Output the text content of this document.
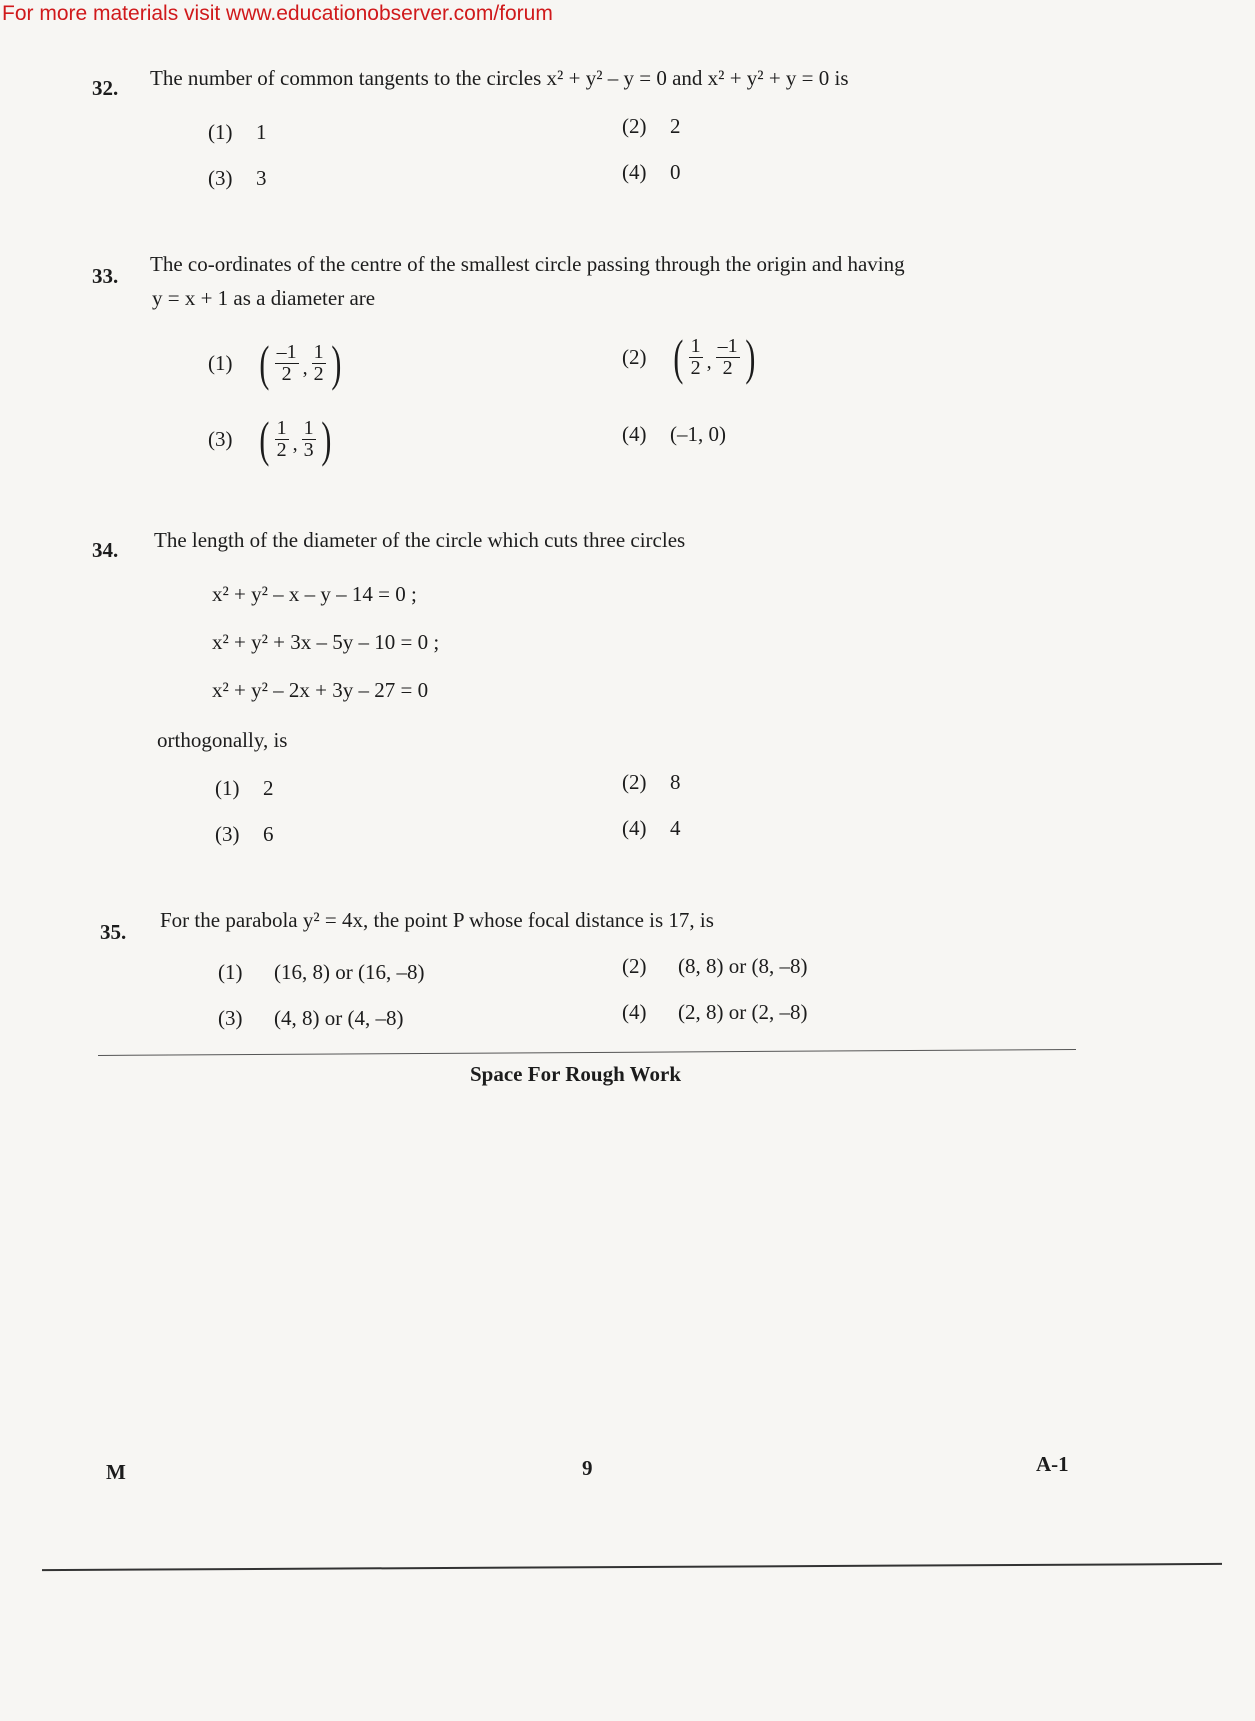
For more materials visit www.educationobserver.com/forum
32. The number of common tangents to the circles x² + y² – y = 0 and x² + y² + y = 0 is
(1) 1	(2) 2
(3) 3	(4) 0
33. The co-ordinates of the centre of the smallest circle passing through the origin and having
y = x + 1 as a diameter are
(1) ( $\frac{-1}{2}$ , $\frac{1}{2}$ )	(2) ( $\frac{1}{2}$ , $\frac{-1}{2}$ )
(3) ( $\frac{1}{2}$ , $\frac{1}{3}$ )	(4) (–1, 0)
34. The length of the diameter of the circle which cuts three circles
x² + y² – x – y – 14 = 0 ;
x² + y² + 3x – 5y – 10 = 0 ;
x² + y² – 2x + 3y – 27 = 0
orthogonally, is
(1) 2	(2) 8
(3) 6	(4) 4
35. For the parabola y² = 4x, the point P whose focal distance is 17, is
(1) (16, 8) or (16, –8)	(2) (8, 8) or (8, –8)
(3) (4, 8) or (4, –8)	(4) (2, 8) or (2, –8)
Space For Rough Work
M	9	A-1
